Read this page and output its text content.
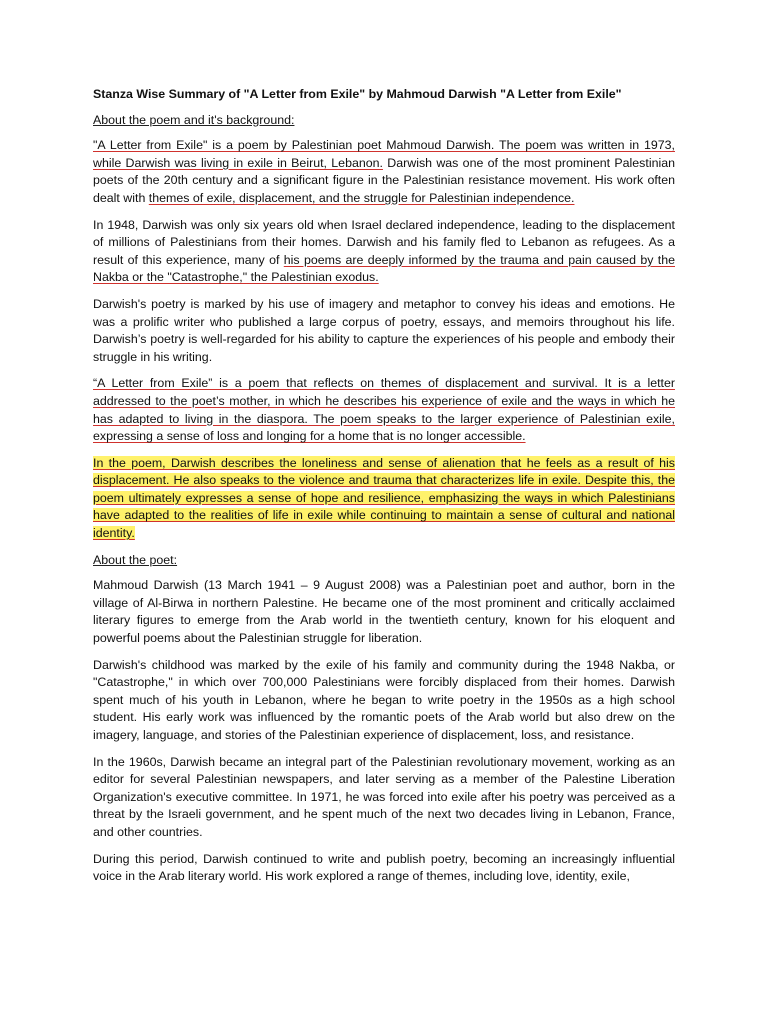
Stanza Wise Summary of "A Letter from Exile" by Mahmoud Darwish "A Letter from Exile"

About the poem and it's background:

"A Letter from Exile" is a poem by Palestinian poet Mahmoud Darwish. The poem was written in 1973, while Darwish was living in exile in Beirut, Lebanon. Darwish was one of the most prominent Palestinian poets of the 20th century and a significant figure in the Palestinian resistance movement. His work often dealt with themes of exile, displacement, and the struggle for Palestinian independence.

In 1948, Darwish was only six years old when Israel declared independence, leading to the displacement of millions of Palestinians from their homes. Darwish and his family fled to Lebanon as refugees. As a result of this experience, many of his poems are deeply informed by the trauma and pain caused by the Nakba or the "Catastrophe," the Palestinian exodus.

Darwish's poetry is marked by his use of imagery and metaphor to convey his ideas and emotions. He was a prolific writer who published a large corpus of poetry, essays, and memoirs throughout his life. Darwish’s poetry is well-regarded for his ability to capture the experiences of his people and embody their struggle in his writing.

“A Letter from Exile” is a poem that reflects on themes of displacement and survival. It is a letter addressed to the poet’s mother, in which he describes his experience of exile and the ways in which he has adapted to living in the diaspora. The poem speaks to the larger experience of Palestinian exile, expressing a sense of loss and longing for a home that is no longer accessible.

In the poem, Darwish describes the loneliness and sense of alienation that he feels as a result of his displacement. He also speaks to the violence and trauma that characterizes life in exile. Despite this, the poem ultimately expresses a sense of hope and resilience, emphasizing the ways in which Palestinians have adapted to the realities of life in exile while continuing to maintain a sense of cultural and national identity.

About the poet:

Mahmoud Darwish (13 March 1941 – 9 August 2008) was a Palestinian poet and author, born in the village of Al-Birwa in northern Palestine. He became one of the most prominent and critically acclaimed literary figures to emerge from the Arab world in the twentieth century, known for his eloquent and powerful poems about the Palestinian struggle for liberation.

Darwish's childhood was marked by the exile of his family and community during the 1948 Nakba, or "Catastrophe," in which over 700,000 Palestinians were forcibly displaced from their homes. Darwish spent much of his youth in Lebanon, where he began to write poetry in the 1950s as a high school student. His early work was influenced by the romantic poets of the Arab world but also drew on the imagery, language, and stories of the Palestinian experience of displacement, loss, and resistance.

In the 1960s, Darwish became an integral part of the Palestinian revolutionary movement, working as an editor for several Palestinian newspapers, and later serving as a member of the Palestine Liberation Organization's executive committee. In 1971, he was forced into exile after his poetry was perceived as a threat by the Israeli government, and he spent much of the next two decades living in Lebanon, France, and other countries.

During this period, Darwish continued to write and publish poetry, becoming an increasingly influential voice in the Arab literary world. His work explored a range of themes, including love, identity, exile,
